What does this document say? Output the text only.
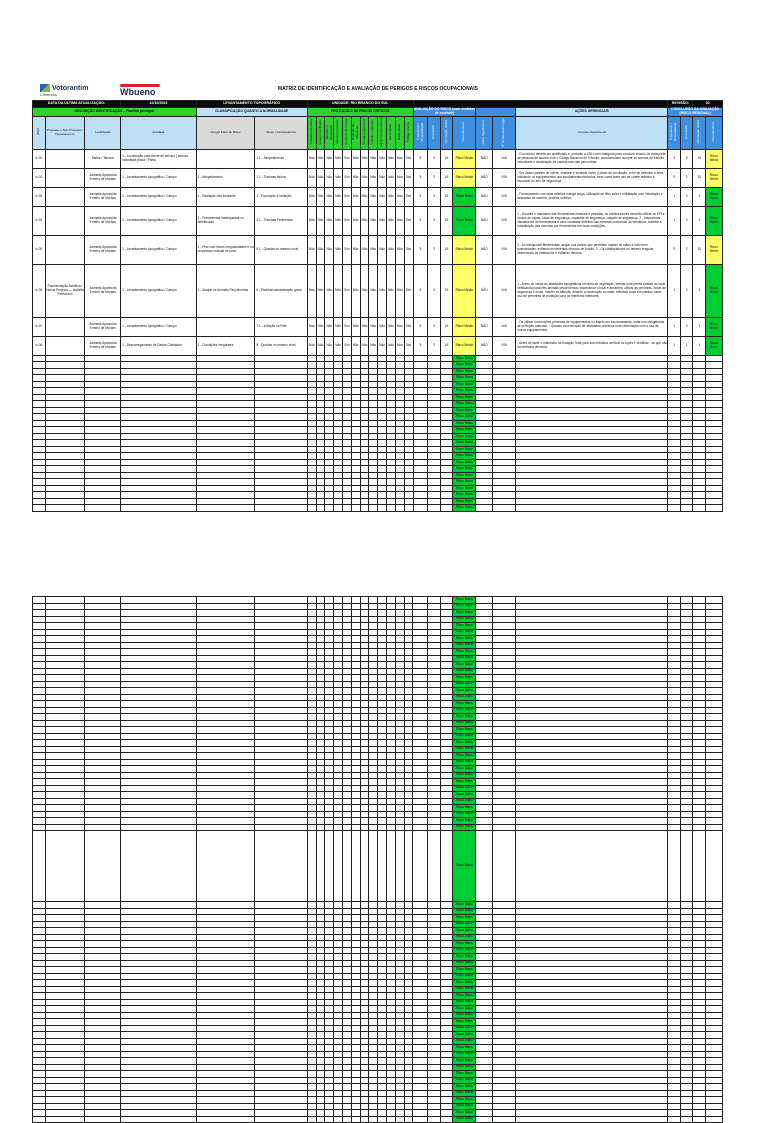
Votorantim
Cimentos	Wbueno	MATRIZ DE IDENTIFICAÇÃO E AVALIAÇÃO DE PERIGOS E RISCOS OCUPACIONAIS
DATA DA ÚLTIMA ATUALIZAÇÃO:			12/10/2023	LEVANTAMENTO TOPOGRÁFICO		UNIDADE: RIO BRANCO DO SUL																			REVISÃO:		02	
DESCRIÇÃO IDENTIFICAÇÃO – Planilha principal				CLASSIFICAÇÃO QUANTO À NORMALIDADE		PROTOCOLO DE RISCOS CRÍTICOS												AVALIAÇÃO DO RISCO (com medidas de controle)						AÇÕES GERENCIAIS	CONCLUSÃO DA AVALIAÇÃO (RISCO RESIDUAL)			
ITEM	Processo e Sub-Processo / Departamento	Localização	Atividade	Perigo/ Fator de Risco	Risco / Consequência	Trabalho em Altura	Espaço Confinado	Bloqueio e Sinalização	Veículos Pesados	Içamento de Cargas	Proteção de Máquinas	Produtos Químicos	Trabalho a Quente	Equipamentos Móveis	Escavações	Eletricidade	Tráfego Interno	Frequência / Probabilidade	Gravidade	Pontuação obtida	Nível de Risco	Risco Significativo	Nº do Requisito Legal	Controle Operacional	Frequência / Probabilidade	Gravidade	Pontuação obtida	Nível de Risco
iv-01		Matriz / Taruma	1 - Locomoção para frente de serviço ( veículo, industriais placa / Pista)		1.1 - Atropelamento	Não	Não	Não	Não	Sim	Não	Não	Não	Não	Não	Não	Sim	5	3	15	Risco Médio	NÃO	N/A	- O condutor deverá ser qualificado e, portanto a CNH com categoria para conduzir veículo de transporte de pessoas de acordo com o Código Nacional de Trânsito; conscienciado cumprir as normas de trânsito, velocidade e sinalização de cautela nas vias percorridas	3	5	15	Risco Médio
iv-02		Jucinelia Aparecida Ermírio de Moraes	1 - Levantamento topográfico / Campo	1 - Atropelamento	1.1 - Traumas físicos	Não	Não	Não	Não	Sim	Não	Não	Não	Não	Não	Não	Sim	5	3	15	Risco Médio	NÃO	N/A	- Ser usado paletes de colete, sinalizar e localizar como o plano de circulação, a fim de delimitar a área, utilizando os equipamentos dos equipamentos/veículos, bem como fazer uso de colete refletivo e escorado no ano de segurança.	5	2	10	Risco Médio
iv-03		Jucinelia Aparecida Ermírio de Moraes	1 - Levantamento topográfico / Campo	1 - Radiação não ionizante	1 - Exposição à radiação	Não	Não	Não	Não	Sim	Não	Não	Não	Não	Não	Não	Sim	5	3	15	Risco Baixo	NÃO	N/A	- Fornecimento com faixa refletiva manga longa, utilização de filtro solar e hidratação com hidratação e descanso na sombra, protetor coletivo.	1	3	3	Risco Baixo
iv-04		Jucinelia Aparecida Ermírio de Moraes	1 - Levantamento topográfico / Campo	1 - Ferramentas inadequadas ou defeituosas	4.1 - Traumas Ferimentos	Não	Não	Não	Não	Sim	Não	Não	Não	Não	Não	Não	Sim	5	3	15	Risco Baixo	NÃO	N/A	1 - Durante o manuseio das ferramentas manuais e pesadas, os colaboradores deverão utilizar os EPI's: óculos de capas, luvas de segurança, capacete de segurança, calçado de segurança. 2 - Inspecionar visualmente as ferramentas e caso constatar defeitos nas mesmas comunicar ao mecânico, solicitar a substituição das mesmas por ferramentas em boas condições.	1	3	3	Risco Baixo
iv-05		Jucinelia Aparecida Ermírio de Moraes	1 - Levantamento topográfico / Campo	1 - Piso com riscos irregularidades e ou propensão manual de peso	5.1 - Quedas do mesmo nível	Não	Não	Não	Não	Sim	Não	Não	Não	Não	Não	Não	Sim	5	3	15	Risco Médio	NÃO	N/A	1 - Ao transportar ferramentas, seguir nos pontos que permitem manter as mãos e mão bem posicionadas, evitando movimentos bruscos de torção. 2 - Os colaboradores no terreno irregular, observando os obstáculos e evitando desvios.	5	2	10	Risco Médio
iv-06	Pavimentação Asfáltica / Novos Projetos — Izabella Pernazzoli	Jucinelia Aparecida Ermírio de Moraes	1 - Levantamento topográfico / Campo	1 - Ataque de Animais Peçonhentos	6 - Picadas/contaminação grave	Não	Não	Não	Não	Sim	Não	Não	Não	Não	Não	Não	Sim	5	3	15	Risco Médio	NÃO	N/A	1 - Antes de iniciar as atividades topográficas em área de vegetação, efetuar uma prévia análise do local verificando possíveis animais peçonhentos; inspecionar o local e ausentes; utilizar as perneiras, botas de segurança e luvas; manter as atenção durante a locomoção no mato, evitando tocar em plantas; fazer uso de perneiras de proteção para os membros inferiores.	1	3	3	Risco Baixo
iv-07		Jucinelia Aparecida Ermírio de Moraes	1 - Levantamento topográfico / Campo		7.1 - Irritação na Pele	Não	Não	Não	Não	Sim	Não	Não	Não	Não	Não	Não	Sim	5	3	15	Risco Médio	NÃO	N/A	- Os utilizar locomoções próximas de equipamentos no trajeto em funcionamento, estar nos obrigatórios de proteção auricular. - Quando da execução de atividades próximas com cimentação com o uso de outros equipamentos.	1	3	3	Risco Baixo
iv-08		Jucinelia Aparecida Ermírio de Moraes	1 - Descarregamento de Dados Coletados	1 - Condições Irregulares	8 - Quedas no mesmo nível	Não	Não	Não	Não	Sim	Não	Não	Não	Não	Não	Não	Sim	5	3	15	Risco Médio	NÃO	N/A	- Antes de fazer o manuseio na Estação Total para sua estrutura verificar os tripés e certificar - se que não há melhoria devoluta.	1	1	1	Risco Baixo
																					Risco Baixo							
																					Risco Baixo							
																					Risco Baixo							
																					Risco Baixo							
																					Risco Baixo							
																					Risco Baixo							
																					Risco Baixo							
																					Risco Baixo							
																					Risco Baixo							
																					Risco Baixo							
																					Risco Baixo							
																					Risco Baixo							
																					Risco Baixo							
																					Risco Baixo							
																					Risco Baixo							
																					Risco Baixo							
																					Risco Baixo							
																					Risco Baixo							
																					Risco Baixo							
																					Risco Baixo							
																					Risco Baixo							
																					Risco Baixo							
																					Risco Baixo							
																					Risco Baixo							
																					Risco Baixo							
																					Risco Baixo							
																					Risco Baixo							
																					Risco Baixo							
																					Risco Baixo							
																					Risco Baixo							
																					Risco Baixo							
																					Risco Baixo							
																					Risco Baixo							
																					Risco Baixo							
																					Risco Baixo							
																					Risco Baixo							
																					Risco Baixo							
																					Risco Baixo							
																					Risco Baixo							
																					Risco Baixo							
																					Risco Baixo							
																					Risco Baixo							
																					Risco Baixo							
																					Risco Baixo							
																					Risco Baixo							
																					Risco Baixo							
																					Risco Baixo							
																					Risco Baixo							
																					Risco Baixo							
																					Risco Baixo							
																					Risco Baixo							
																					Risco Baixo							
																					Risco Baixo							
																					Risco Baixo							
																					Risco Baixo							
																					Risco Baixo							
																					Risco Baixo							
																					Risco Baixo							
																					Risco Baixo							
																					Risco Baixo							
																					Risco Baixo							
																					Risco Baixo							
																					Risco Baixo							
																					Risco Baixo							
																					Risco Baixo							
																					Risco Baixo							
																					Risco Baixo							
																					Risco Baixo							
																					Risco Baixo							
																					Risco Baixo							
																					Risco Baixo							
																					Risco Baixo							
																					Risco Baixo							
																					Risco Baixo							
																					Risco Baixo							
																					Risco Baixo							
																					Risco Baixo							
																					Risco Baixo							
																					Risco Baixo							
																					Risco Baixo							
																					Risco Baixo							
																					Risco Baixo							
																					Risco Baixo							
																					Risco Baixo							
																					Risco Baixo							
																					Risco Baixo							
																					Risco Baixo							
																					Risco Baixo							
																					Risco Baixo							
																					Risco Baixo							
																					Risco Baixo							
																					Risco Baixo							
																					Risco Baixo							
																					Risco Baixo							
																					Risco Baixo							
